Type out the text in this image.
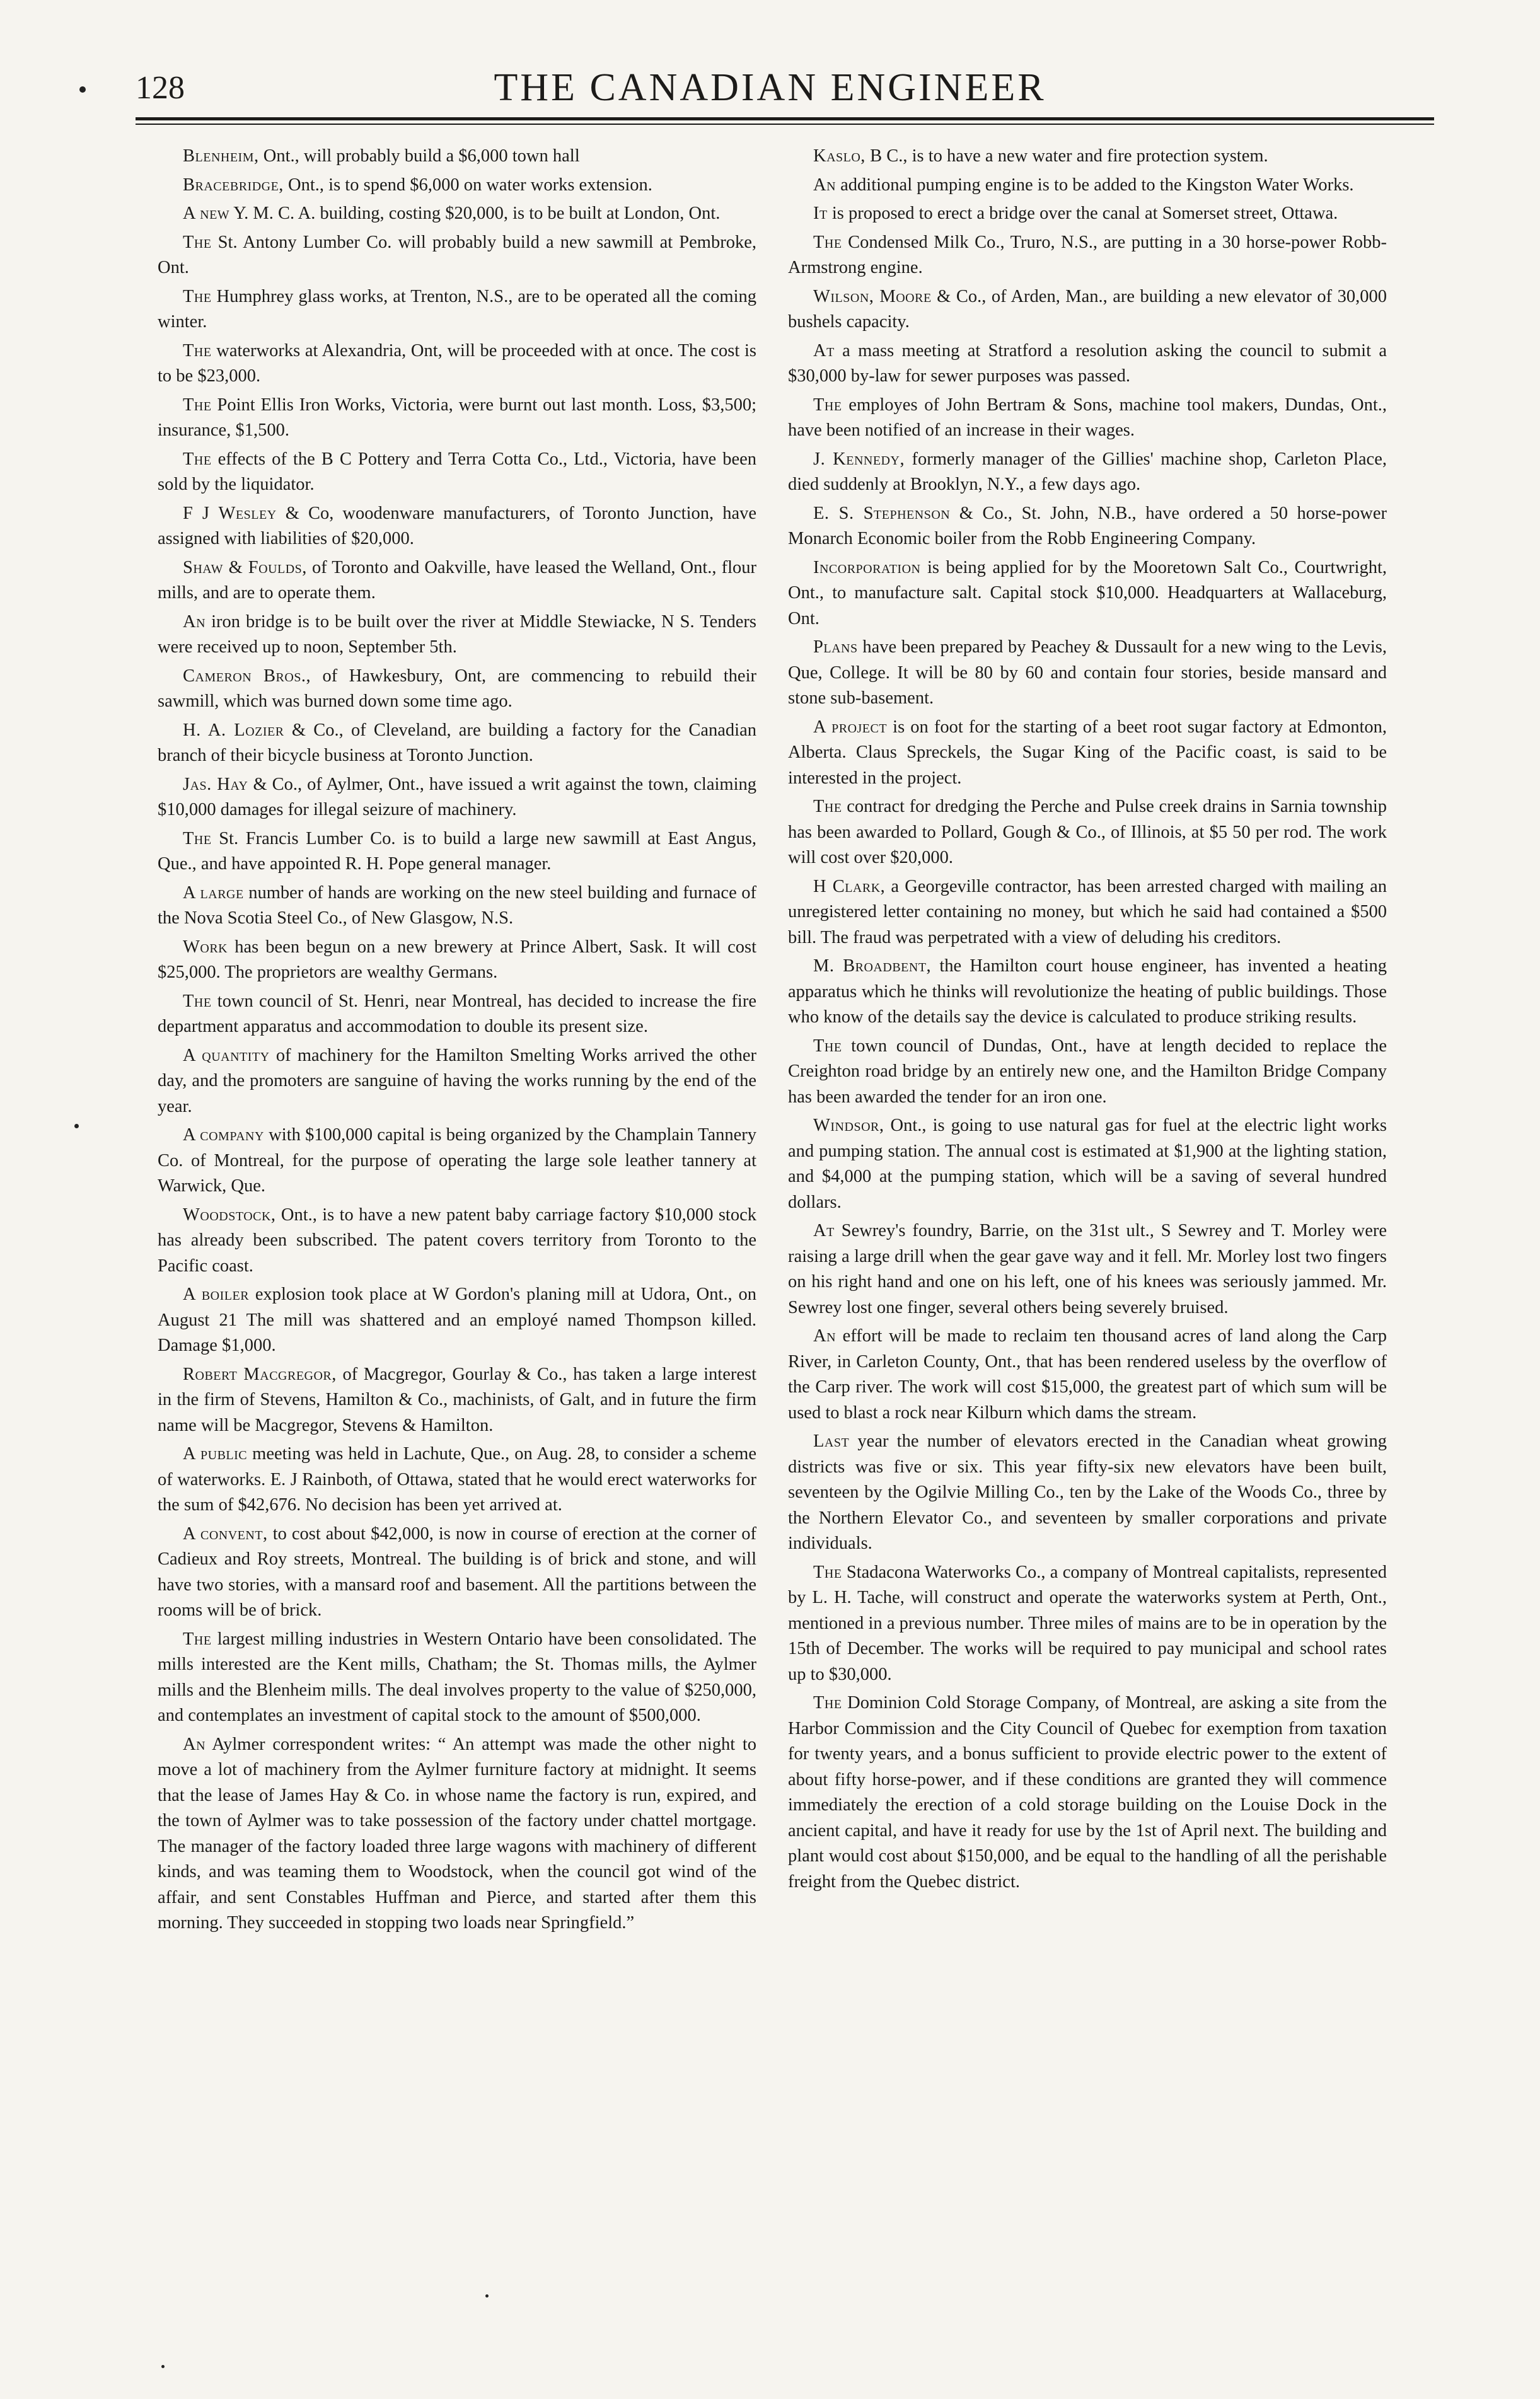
128	THE CANADIAN ENGINEER

Blenheim, Ont., will probably build a $6,000 town hall

Bracebridge, Ont., is to spend $6,000 on water works extension.

A new Y. M. C. A. building, costing $20,000, is to be built at London, Ont.

The St. Antony Lumber Co. will probably build a new sawmill at Pembroke, Ont.

The Humphrey glass works, at Trenton, N.S., are to be operated all the coming winter.

The waterworks at Alexandria, Ont, will be proceeded with at once. The cost is to be $23,000.

The Point Ellis Iron Works, Victoria, were burnt out last month. Loss, $3,500; insurance, $1,500.

The effects of the B C Pottery and Terra Cotta Co., Ltd., Victoria, have been sold by the liquidator.

F J Wesley & Co, woodenware manufacturers, of Toronto Junction, have assigned with liabilities of $20,000.

Shaw & Foulds, of Toronto and Oakville, have leased the Welland, Ont., flour mills, and are to operate them.

An iron bridge is to be built over the river at Middle Stewiacke, N S. Tenders were received up to noon, September 5th.

Cameron Bros., of Hawkesbury, Ont, are commencing to rebuild their sawmill, which was burned down some time ago.

H. A. Lozier & Co., of Cleveland, are building a factory for the Canadian branch of their bicycle business at Toronto Junction.

Jas. Hay & Co., of Aylmer, Ont., have issued a writ against the town, claiming $10,000 damages for illegal seizure of machinery.

The St. Francis Lumber Co. is to build a large new sawmill at East Angus, Que., and have appointed R. H. Pope general manager.

A large number of hands are working on the new steel building and furnace of the Nova Scotia Steel Co., of New Glasgow, N.S.

Work has been begun on a new brewery at Prince Albert, Sask. It will cost $25,000. The proprietors are wealthy Germans.

The town council of St. Henri, near Montreal, has decided to increase the fire department apparatus and accommodation to double its present size.

A quantity of machinery for the Hamilton Smelting Works arrived the other day, and the promoters are sanguine of having the works running by the end of the year.

A company with $100,000 capital is being organized by the Champlain Tannery Co. of Montreal, for the purpose of operating the large sole leather tannery at Warwick, Que.

Woodstock, Ont., is to have a new patent baby carriage factory $10,000 stock has already been subscribed. The patent covers territory from Toronto to the Pacific coast.

A boiler explosion took place at W Gordon's planing mill at Udora, Ont., on August 21 The mill was shattered and an employé named Thompson killed. Damage $1,000.

Robert Macgregor, of Macgregor, Gourlay & Co., has taken a large interest in the firm of Stevens, Hamilton & Co., machinists, of Galt, and in future the firm name will be Macgregor, Stevens & Hamilton.

A public meeting was held in Lachute, Que., on Aug. 28, to consider a scheme of waterworks. E. J Rainboth, of Ottawa, stated that he would erect waterworks for the sum of $42,676. No decision has been yet arrived at.

A convent, to cost about $42,000, is now in course of erection at the corner of Cadieux and Roy streets, Montreal. The building is of brick and stone, and will have two stories, with a mansard roof and basement. All the partitions between the rooms will be of brick.

The largest milling industries in Western Ontario have been consolidated. The mills interested are the Kent mills, Chatham; the St. Thomas mills, the Aylmer mills and the Blenheim mills. The deal involves property to the value of $250,000, and contemplates an investment of capital stock to the amount of $500,000.

An Aylmer correspondent writes: “ An attempt was made the other night to move a lot of machinery from the Aylmer furniture factory at midnight. It seems that the lease of James Hay & Co. in whose name the factory is run, expired, and the town of Aylmer was to take possession of the factory under chattel mortgage. The manager of the factory loaded three large wagons with machinery of different kinds, and was teaming them to Woodstock, when the council got wind of the affair, and sent Constables Huffman and Pierce, and started after them this morning. They succeeded in stopping two loads near Springfield.”

Kaslo, B C., is to have a new water and fire protection system.

An additional pumping engine is to be added to the Kingston Water Works.

It is proposed to erect a bridge over the canal at Somerset street, Ottawa.

The Condensed Milk Co., Truro, N.S., are putting in a 30 horse-power Robb-Armstrong engine.

Wilson, Moore & Co., of Arden, Man., are building a new elevator of 30,000 bushels capacity.

At a mass meeting at Stratford a resolution asking the council to submit a $30,000 by-law for sewer purposes was passed.

The employes of John Bertram & Sons, machine tool makers, Dundas, Ont., have been notified of an increase in their wages.

J. Kennedy, formerly manager of the Gillies' machine shop, Carleton Place, died suddenly at Brooklyn, N.Y., a few days ago.

E. S. Stephenson & Co., St. John, N.B., have ordered a 50 horse-power Monarch Economic boiler from the Robb Engineering Company.

Incorporation is being applied for by the Mooretown Salt Co., Courtwright, Ont., to manufacture salt. Capital stock $10,000. Headquarters at Wallaceburg, Ont.

Plans have been prepared by Peachey & Dussault for a new wing to the Levis, Que, College. It will be 80 by 60 and contain four stories, beside mansard and stone sub-basement.

A project is on foot for the starting of a beet root sugar factory at Edmonton, Alberta. Claus Spreckels, the Sugar King of the Pacific coast, is said to be interested in the project.

The contract for dredging the Perche and Pulse creek drains in Sarnia township has been awarded to Pollard, Gough & Co., of Illinois, at $5 50 per rod. The work will cost over $20,000.

H Clark, a Georgeville contractor, has been arrested charged with mailing an unregistered letter containing no money, but which he said had contained a $500 bill. The fraud was perpetrated with a view of deluding his creditors.

M. Broadbent, the Hamilton court house engineer, has invented a heating apparatus which he thinks will revolutionize the heating of public buildings. Those who know of the details say the device is calculated to produce striking results.

The town council of Dundas, Ont., have at length decided to replace the Creighton road bridge by an entirely new one, and the Hamilton Bridge Company has been awarded the tender for an iron one.

Windsor, Ont., is going to use natural gas for fuel at the electric light works and pumping station. The annual cost is estimated at $1,900 at the lighting station, and $4,000 at the pumping station, which will be a saving of several hundred dollars.

At Sewrey's foundry, Barrie, on the 31st ult., S Sewrey and T. Morley were raising a large drill when the gear gave way and it fell. Mr. Morley lost two fingers on his right hand and one on his left, one of his knees was seriously jammed. Mr. Sewrey lost one finger, several others being severely bruised.

An effort will be made to reclaim ten thousand acres of land along the Carp River, in Carleton County, Ont., that has been rendered useless by the overflow of the Carp river. The work will cost $15,000, the greatest part of which sum will be used to blast a rock near Kilburn which dams the stream.

Last year the number of elevators erected in the Canadian wheat growing districts was five or six. This year fifty-six new elevators have been built, seventeen by the Ogilvie Milling Co., ten by the Lake of the Woods Co., three by the Northern Elevator Co., and seventeen by smaller corporations and private individuals.

The Stadacona Waterworks Co., a company of Montreal capitalists, represented by L. H. Tache, will construct and operate the waterworks system at Perth, Ont., mentioned in a previous number. Three miles of mains are to be in operation by the 15th of December. The works will be required to pay municipal and school rates up to $30,000.

The Dominion Cold Storage Company, of Montreal, are asking a site from the Harbor Commission and the City Council of Quebec for exemption from taxation for twenty years, and a bonus sufficient to provide electric power to the extent of about fifty horse-power, and if these conditions are granted they will commence immediately the erection of a cold storage building on the Louise Dock in the ancient capital, and have it ready for use by the 1st of April next. The building and plant would cost about $150,000, and be equal to the handling of all the perishable freight from the Quebec district.
